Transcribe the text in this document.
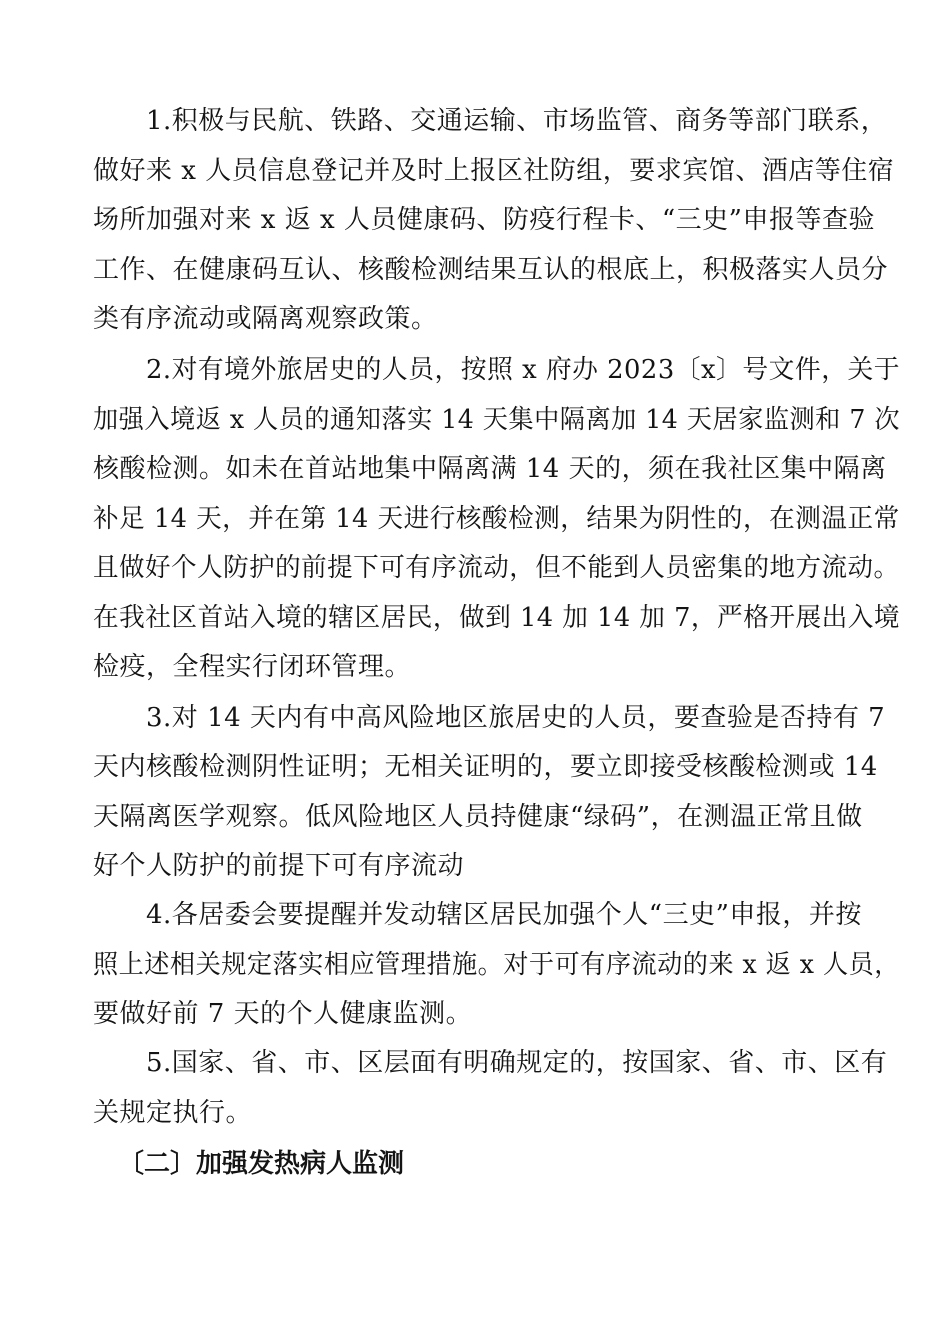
1.积极与民航、铁路、交通运输、市场监管、商务等部门联系，
做好来 x 人员信息登记并及时上报区社防组，要求宾馆、酒店等住宿
场所加强对来 x 返 x 人员健康码、防疫行程卡、“三史”申报等查验
工作、在健康码互认、核酸检测结果互认的根底上，积极落实人员分
类有序流动或隔离观察政策。
2.对有境外旅居史的人员，按照 x 府办 2023〔x〕号文件，关于
加强入境返 x 人员的通知落实 14 天集中隔离加 14 天居家监测和 7 次
核酸检测。如未在首站地集中隔离满 14 天的，须在我社区集中隔离
补足 14 天，并在第 14 天进行核酸检测，结果为阴性的，在测温正常
且做好个人防护的前提下可有序流动，但不能到人员密集的地方流动。
在我社区首站入境的辖区居民，做到 14 加 14 加 7，严格开展出入境
检疫，全程实行闭环管理。
3.对 14 天内有中高风险地区旅居史的人员，要查验是否持有 7
天内核酸检测阴性证明；无相关证明的，要立即接受核酸检测或 14
天隔离医学观察。低风险地区人员持健康“绿码”，在测温正常且做
好个人防护的前提下可有序流动
4.各居委会要提醒并发动辖区居民加强个人“三史”申报，并按
照上述相关规定落实相应管理措施。对于可有序流动的来 x 返 x 人员，
要做好前 7 天的个人健康监测。
5.国家、省、市、区层面有明确规定的，按国家、省、市、区有
关规定执行。
〔二〕加强发热病人监测
